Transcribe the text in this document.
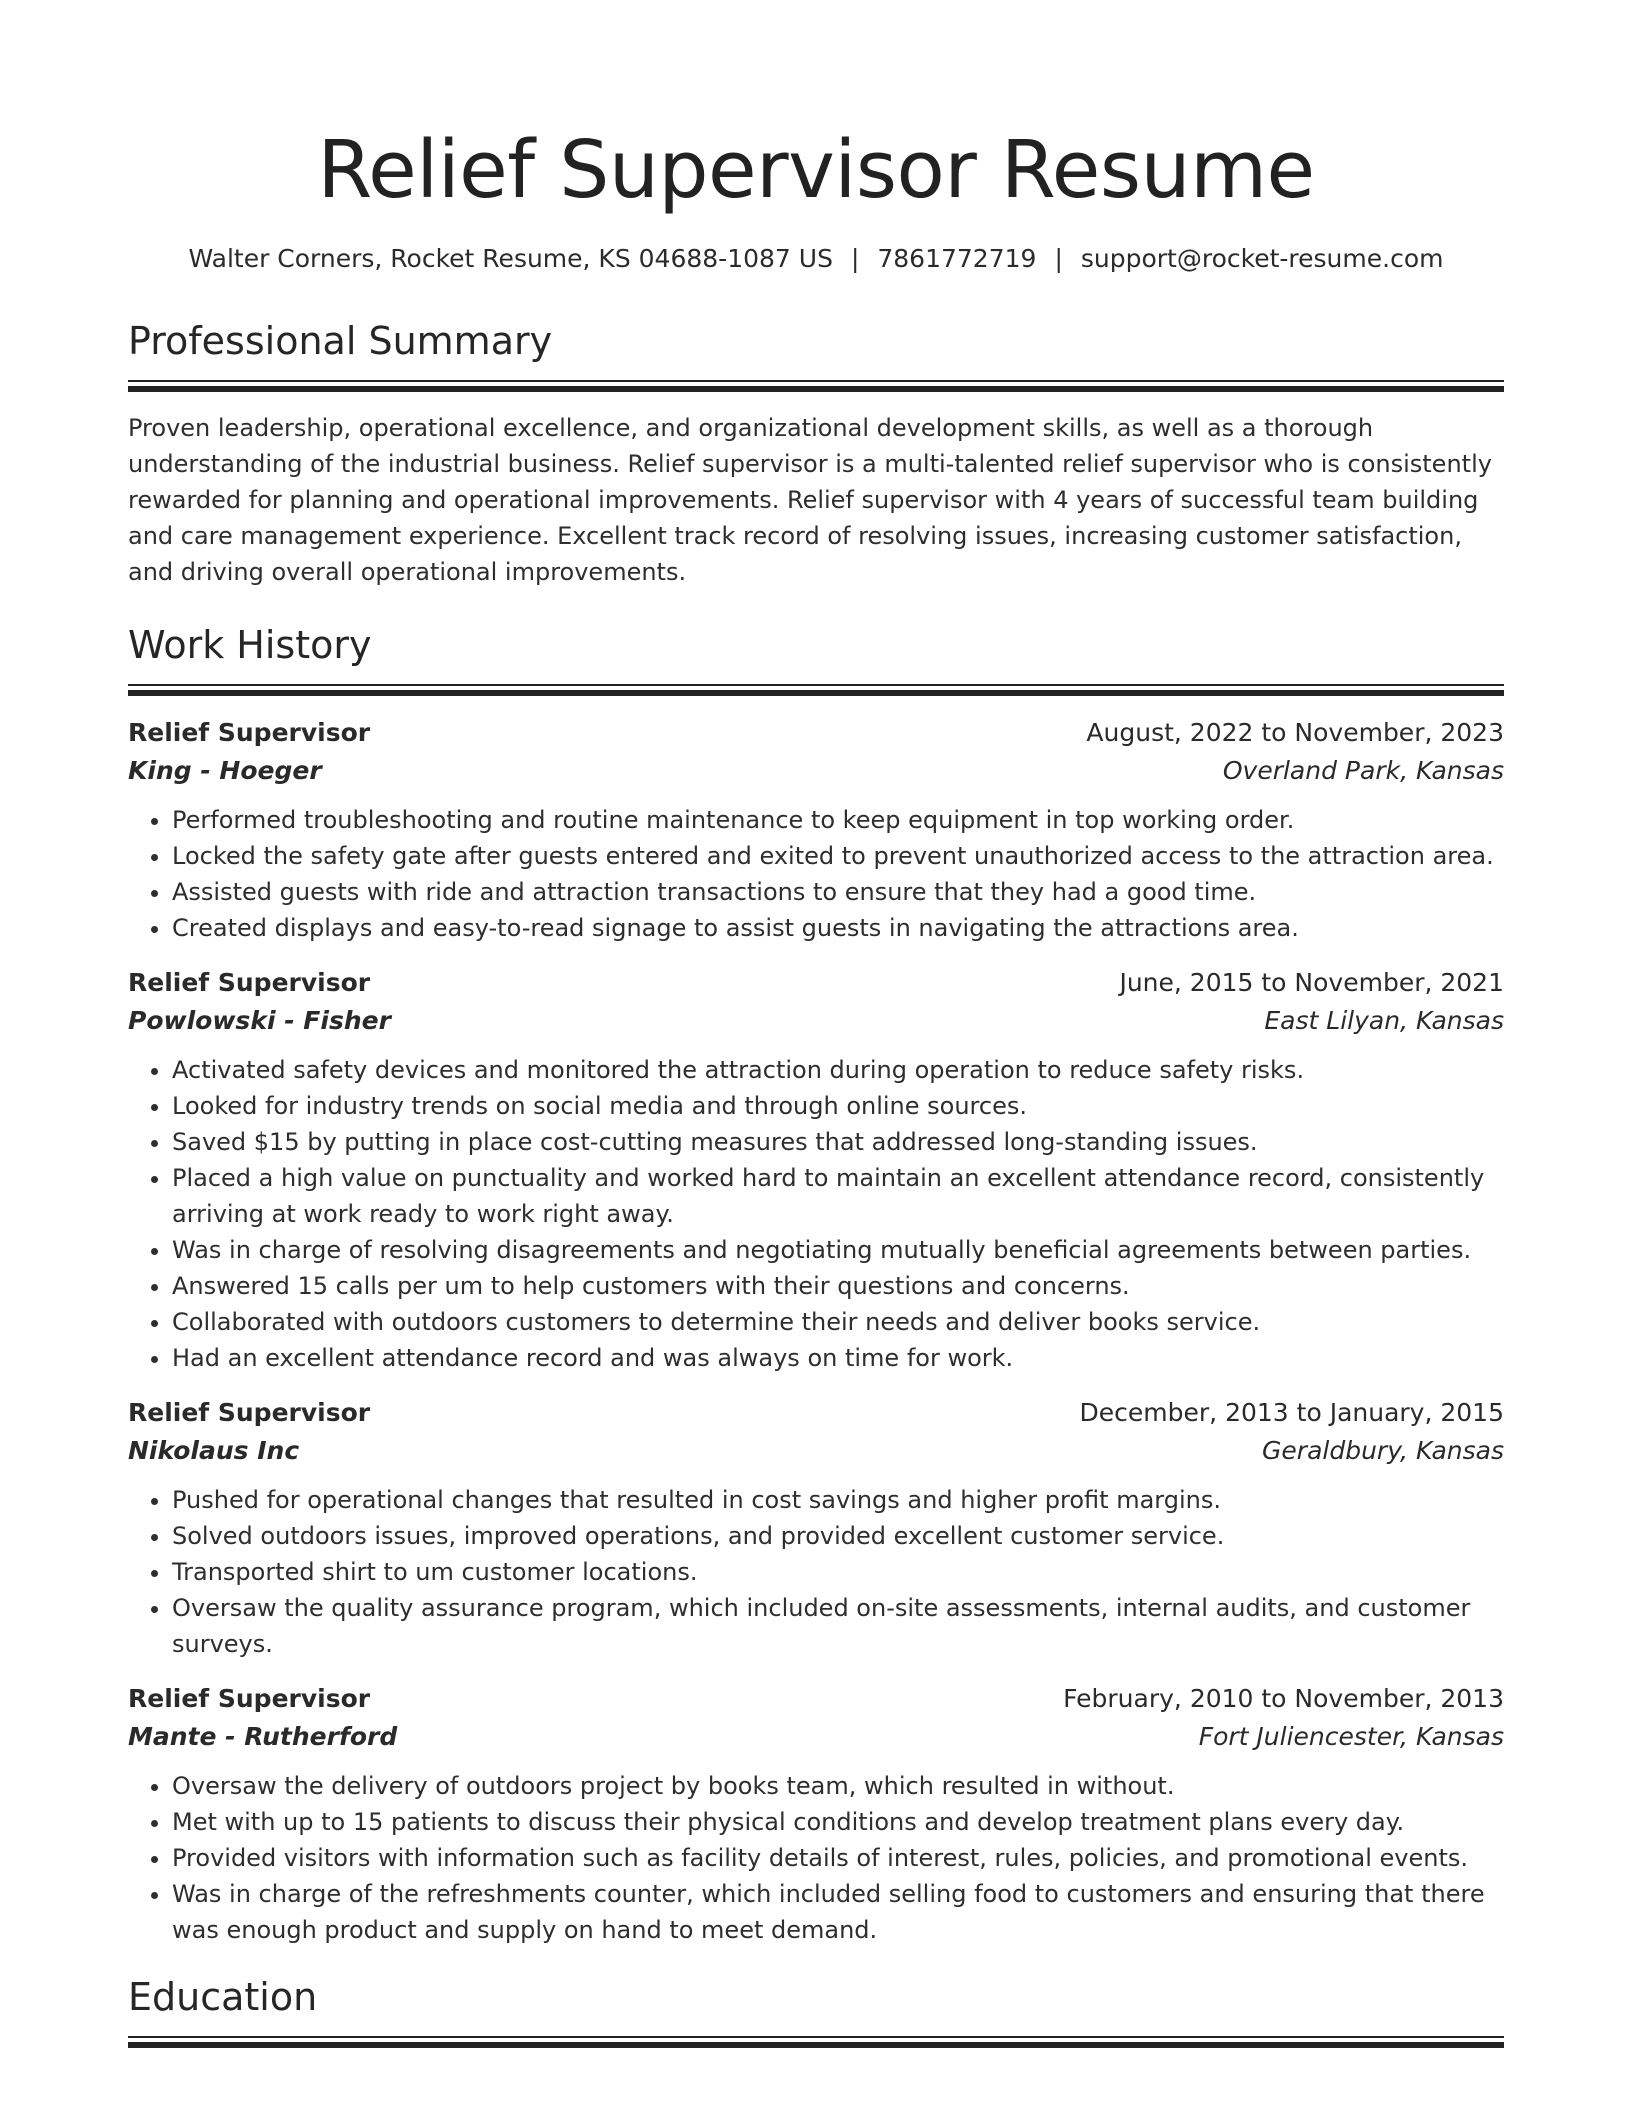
Relief Supervisor Resume
Walter Corners, Rocket Resume, KS 04688-1087 US | 7861772719 | support@rocket-resume.com
Professional Summary

Proven leadership, operational excellence, and organizational development skills, as well as a thorough understanding of the industrial business. Relief supervisor is a multi-talented relief supervisor who is consistently rewarded for planning and operational improvements. Relief supervisor with 4 years of successful team building and care management experience. Excellent track record of resolving issues, increasing customer satisfaction, and driving overall operational improvements.

Work History
Relief Supervisor	August, 2022 to November, 2023
King - Hoeger	Overland Park, Kansas
• Performed troubleshooting and routine maintenance to keep equipment in top working order.
• Locked the safety gate after guests entered and exited to prevent unauthorized access to the attraction area.
• Assisted guests with ride and attraction transactions to ensure that they had a good time.
• Created displays and easy-to-read signage to assist guests in navigating the attractions area.
Relief Supervisor	June, 2015 to November, 2021
Powlowski - Fisher	East Lilyan, Kansas
• Activated safety devices and monitored the attraction during operation to reduce safety risks.
• Looked for industry trends on social media and through online sources.
• Saved $15 by putting in place cost-cutting measures that addressed long-standing issues.
• Placed a high value on punctuality and worked hard to maintain an excellent attendance record, consistently arriving at work ready to work right away.
• Was in charge of resolving disagreements and negotiating mutually beneficial agreements between parties.
• Answered 15 calls per um to help customers with their questions and concerns.
• Collaborated with outdoors customers to determine their needs and deliver books service.
• Had an excellent attendance record and was always on time for work.
Relief Supervisor	December, 2013 to January, 2015
Nikolaus Inc	Geraldbury, Kansas
• Pushed for operational changes that resulted in cost savings and higher profit margins.
• Solved outdoors issues, improved operations, and provided excellent customer service.
• Transported shirt to um customer locations.
• Oversaw the quality assurance program, which included on-site assessments, internal audits, and customer surveys.
Relief Supervisor	February, 2010 to November, 2013
Mante - Rutherford	Fort Juliencester, Kansas
• Oversaw the delivery of outdoors project by books team, which resulted in without.
• Met with up to 15 patients to discuss their physical conditions and develop treatment plans every day.
• Provided visitors with information such as facility details of interest, rules, policies, and promotional events.
• Was in charge of the refreshments counter, which included selling food to customers and ensuring that there was enough product and supply on hand to meet demand.
Education
